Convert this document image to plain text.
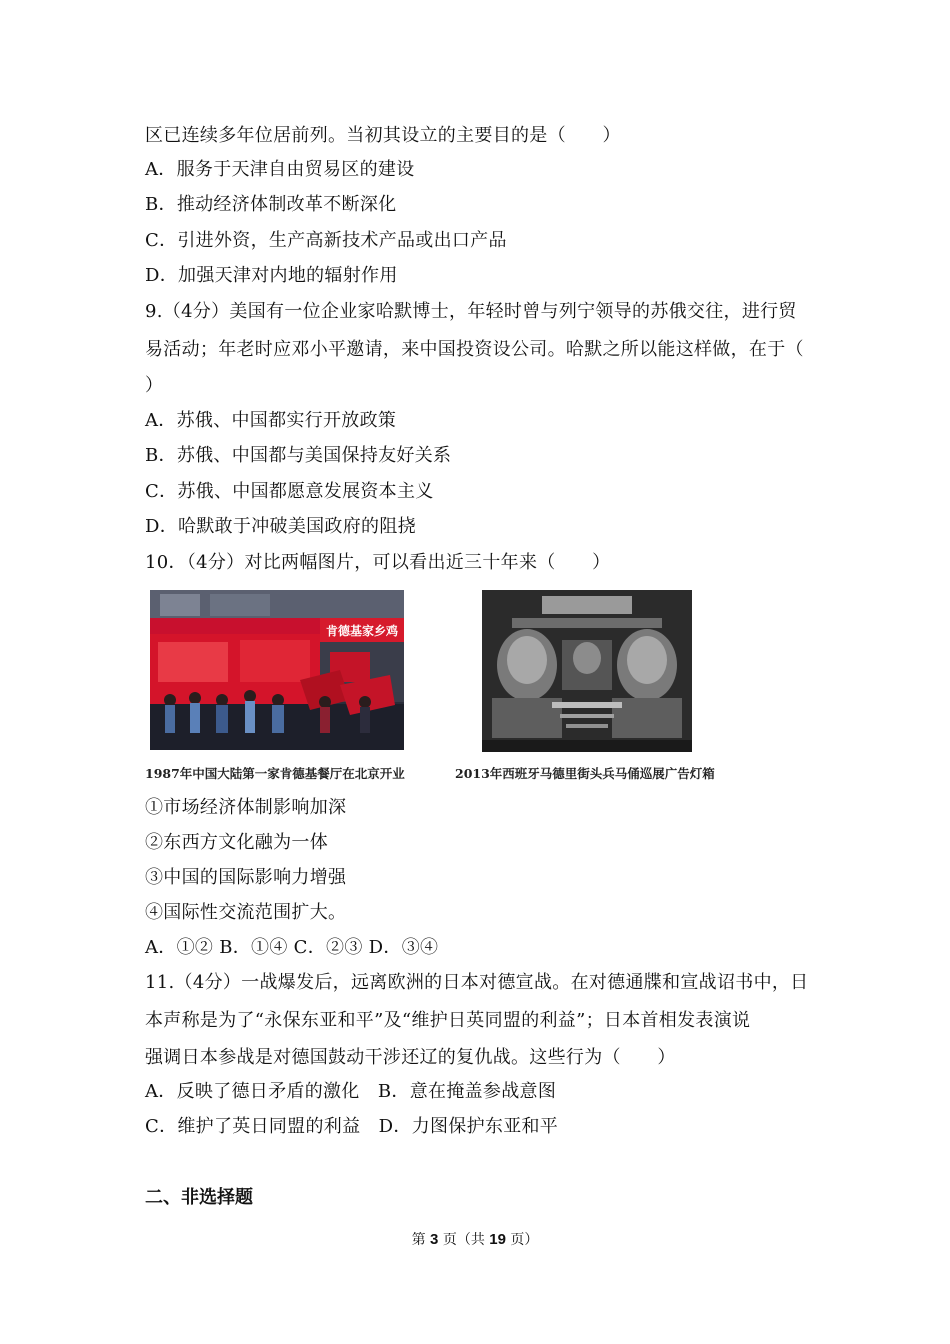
区已连续多年位居前列。当初其设立的主要目的是（　　）
A．服务于天津自由贸易区的建设
B．推动经济体制改革不断深化
C．引进外资，生产高新技术产品或出口产品
D．加强天津对内地的辐射作用
9.（4分）美国有一位企业家哈默博士，年轻时曾与列宁领导的苏俄交往，进行贸
易活动；年老时应邓小平邀请，来中国投资设公司。哈默之所以能这样做，在于（
）
A．苏俄、中国都实行开放政策
B．苏俄、中国都与美国保持友好关系
C．苏俄、中国都愿意发展资本主义
D．哈默敢于冲破美国政府的阻挠
10．（4分）对比两幅图片，可以看出近三十年来（　　）
肯德基家乡鸡
1987年中国大陆第一家肯德基餐厅在北京开业	2013年西班牙马德里街头兵马俑巡展广告灯箱
①市场经济体制影响加深
②东西方文化融为一体
③中国的国际影响力增强
④国际性交流范围扩大。
A．①② B．①④ C．②③ D．③④
11.（4分）一战爆发后，远离欧洲的日本对德宣战。在对德通牒和宣战诏书中，日
本声称是为了“永保东亚和平”及“维护日英同盟的利益”；日本首相发表演说
强调日本参战是对德国鼓动干涉还辽的复仇战。这些行为（　　）
A．反映了德日矛盾的激化　B．意在掩盖参战意图
C．维护了英日同盟的利益　D．力图保护东亚和平
二、非选择题
第 3 页（共 19 页）
